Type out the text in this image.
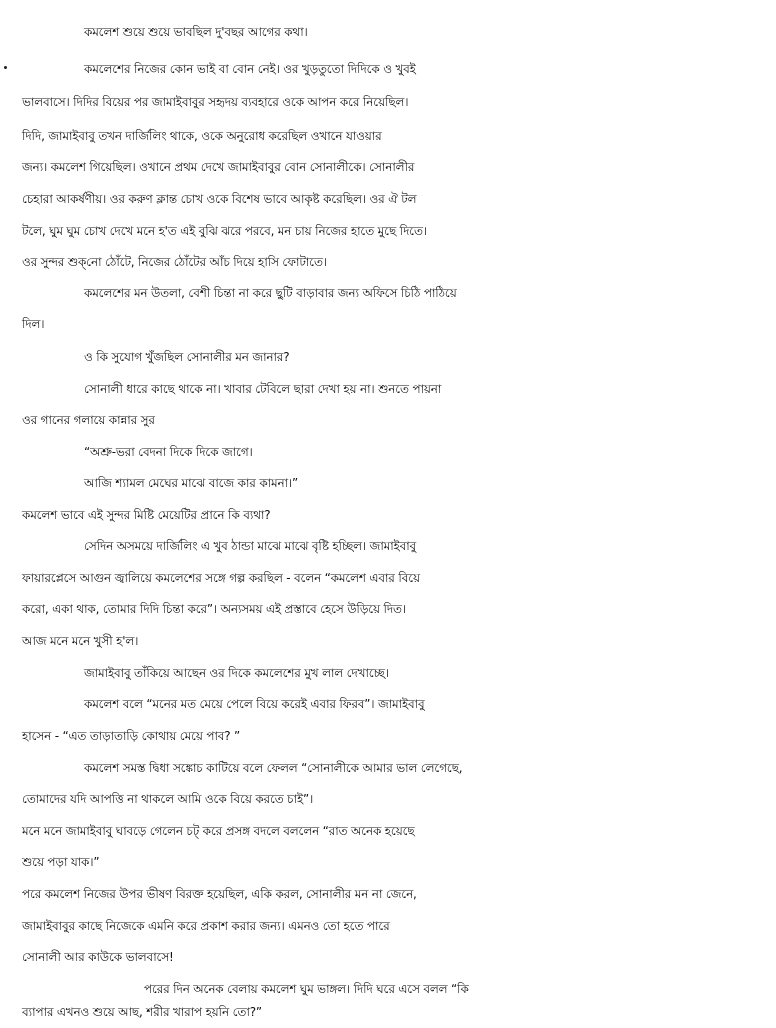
কমলেশ শুয়ে শুয়ে ভাবছিল দু'বছর আগের কথা।
কমলেশের নিজের কোন ভাই বা বোন নেই। ওর খুড়তুতো দিদিকে ও খুবই
ভালবাসে। দিদির বিয়ের পর জামাইবাবুর সহৃদয় ব্যবহারে ওকে আপন করে নিয়েছিল।
দিদি, জামাইবাবু তখন দার্জিলিং থাকে, ওকে অনুরোধ করেছিল ওখানে যাওয়ার
জন্য। কমলেশ গিয়েছিল। ওখানে প্রথম দেখে জামাইবাবুর বোন সোনালীকে। সোনালীর
চেহারা আকর্ষণীয়। ওর করুণ ক্লান্ত চোখ ওকে বিশেষ ভাবে আকৃষ্ট করেছিল। ওর ঐ টল
টলে, ঘুম ঘুম চোখ দেখে মনে হ'ত এই বুঝি ঝরে পরবে, মন চায় নিজের হাতে মুছে দিতে।
ওর সুন্দর শুক্‌নো ঠোঁটে, নিজের ঠোঁটের আঁচ দিয়ে হাসি ফোটাতে।
কমলেশের মন উতলা, বেশী চিন্তা না করে ছুটি বাড়াবার জন্য অফিসে চিঠি পাঠিয়ে
দিল।
ও কি সুযোগ খুঁজছিল সোনালীর মন জানার?
সোনালী ধারে কাছে থাকে না। খাবার টেবিলে ছারা দেখা হয় না। শুনতে পায়না
ওর গানের গলায়ে কান্নার সুর
“অশ্রু-ভরা বেদনা দিকে দিকে জাগে।
আজি শ্যামল মেঘের মাঝে বাজে কার কামনা।”
কমলেশ ভাবে এই সুন্দর মিষ্টি মেয়েটির প্রানে কি ব্যথা?
সেদিন অসময়ে দার্জিলিং এ খুব ঠান্ডা মাঝে মাঝে বৃষ্টি হচ্ছিল। জামাইবাবু
ফায়ারপ্লেসে আগুন জ্বালিয়ে কমলেশের সঙ্গে গল্প করছিল - বলেন “কমলেশ এবার বিয়ে
করো, একা থাক, তোমার দিদি চিন্তা করে”। অন্যসময় এই প্রস্তাবে হেসে উড়িয়ে দিত।
আজ মনে মনে খুসী হ'ল।
জামাইবাবু তাঁকিয়ে আছেন ওর দিকে কমলেশের মুখ লাল দেখাচ্ছে।
কমলেশ বলে “মনের মত মেয়ে পেলে বিয়ে করেই এবার ফিরব”। জামাইবাবু
হাসেন - “এত তাড়াতাড়ি কোথায় মেয়ে পাব? ”
কমলেশ সমস্ত দ্বিধা সঙ্কোচ কাটিয়ে বলে ফেলল “সোনালীকে আমার ভাল লেগেছে,
তোমাদের যদি আপত্তি না থাকলে আমি ওকে বিয়ে করতে চাই”।
মনে মনে জামাইবাবু ঘাবড়ে গেলেন চট্‌ করে প্রসঙ্গ বদলে বললেন “রাত অনেক হয়েছে
শুয়ে পড়া যাক।”
পরে কমলেশ নিজের উপর ভীষণ বিরক্ত হয়েছিল, একি করল, সোনালীর মন না জেনে,
জামাইবাবুর কাছে নিজেকে এমনি করে প্রকাশ করার জন্য। এমনও তো হতে পারে
সোনালী আর কাউকে ভালবাসে!
পরের দিন অনেক বেলায় কমলেশ ঘুম ভাঙ্গল। দিদি ঘরে এসে বলল “কি
ব্যাপার এখনও শুয়ে আছ, শরীর খারাপ হয়নি তো?”
